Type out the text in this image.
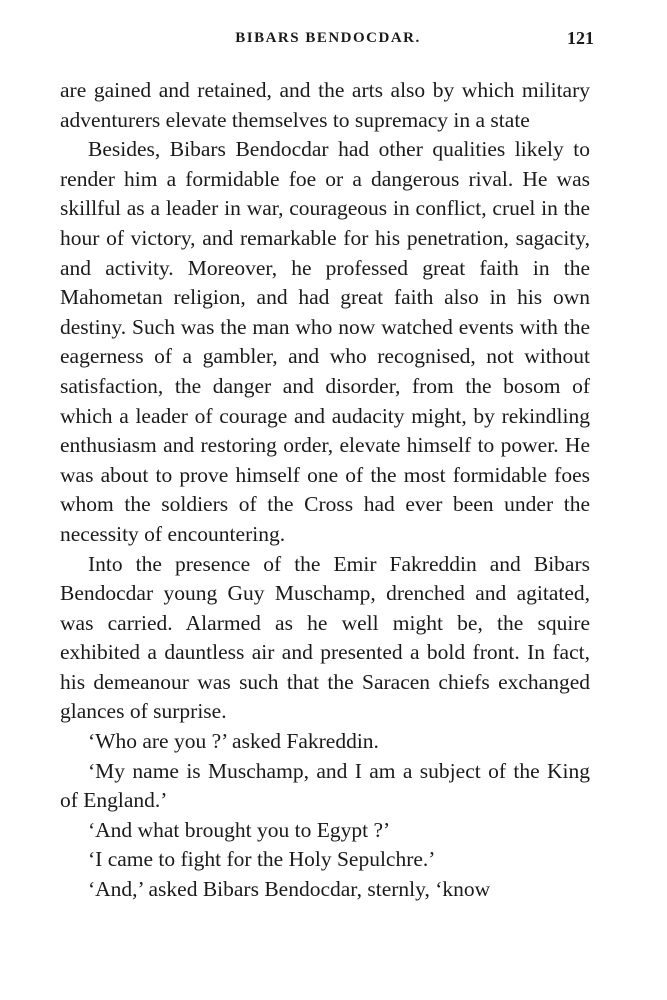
BIBARS BENDOCDAR.	121

are gained and retained, and the arts also by which military adventurers elevate themselves to supremacy in a state

Besides, Bibars Bendocdar had other qualities likely to render him a formidable foe or a dangerous rival. He was skillful as a leader in war, courageous in conflict, cruel in the hour of victory, and remarkable for his penetration, sagacity, and activity. Moreover, he professed great faith in the Mahometan religion, and had great faith also in his own destiny. Such was the man who now watched events with the eagerness of a gambler, and who recognised, not without satisfaction, the danger and disorder, from the bosom of which a leader of courage and audacity might, by rekindling enthusiasm and restoring order, elevate himself to power. He was about to prove himself one of the most formidable foes whom the soldiers of the Cross had ever been under the necessity of encountering.

Into the presence of the Emir Fakreddin and Bibars Bendocdar young Guy Muschamp, drenched and agitated, was carried. Alarmed as he well might be, the squire exhibited a dauntless air and presented a bold front. In fact, his demeanour was such that the Saracen chiefs exchanged glances of surprise.

‘Who are you ?’ asked Fakreddin.

‘My name is Muschamp, and I am a subject of the King of England.’

‘And what brought you to Egypt ?’

‘I came to fight for the Holy Sepulchre.’

‘And,’ asked Bibars Bendocdar, sternly, ‘know
